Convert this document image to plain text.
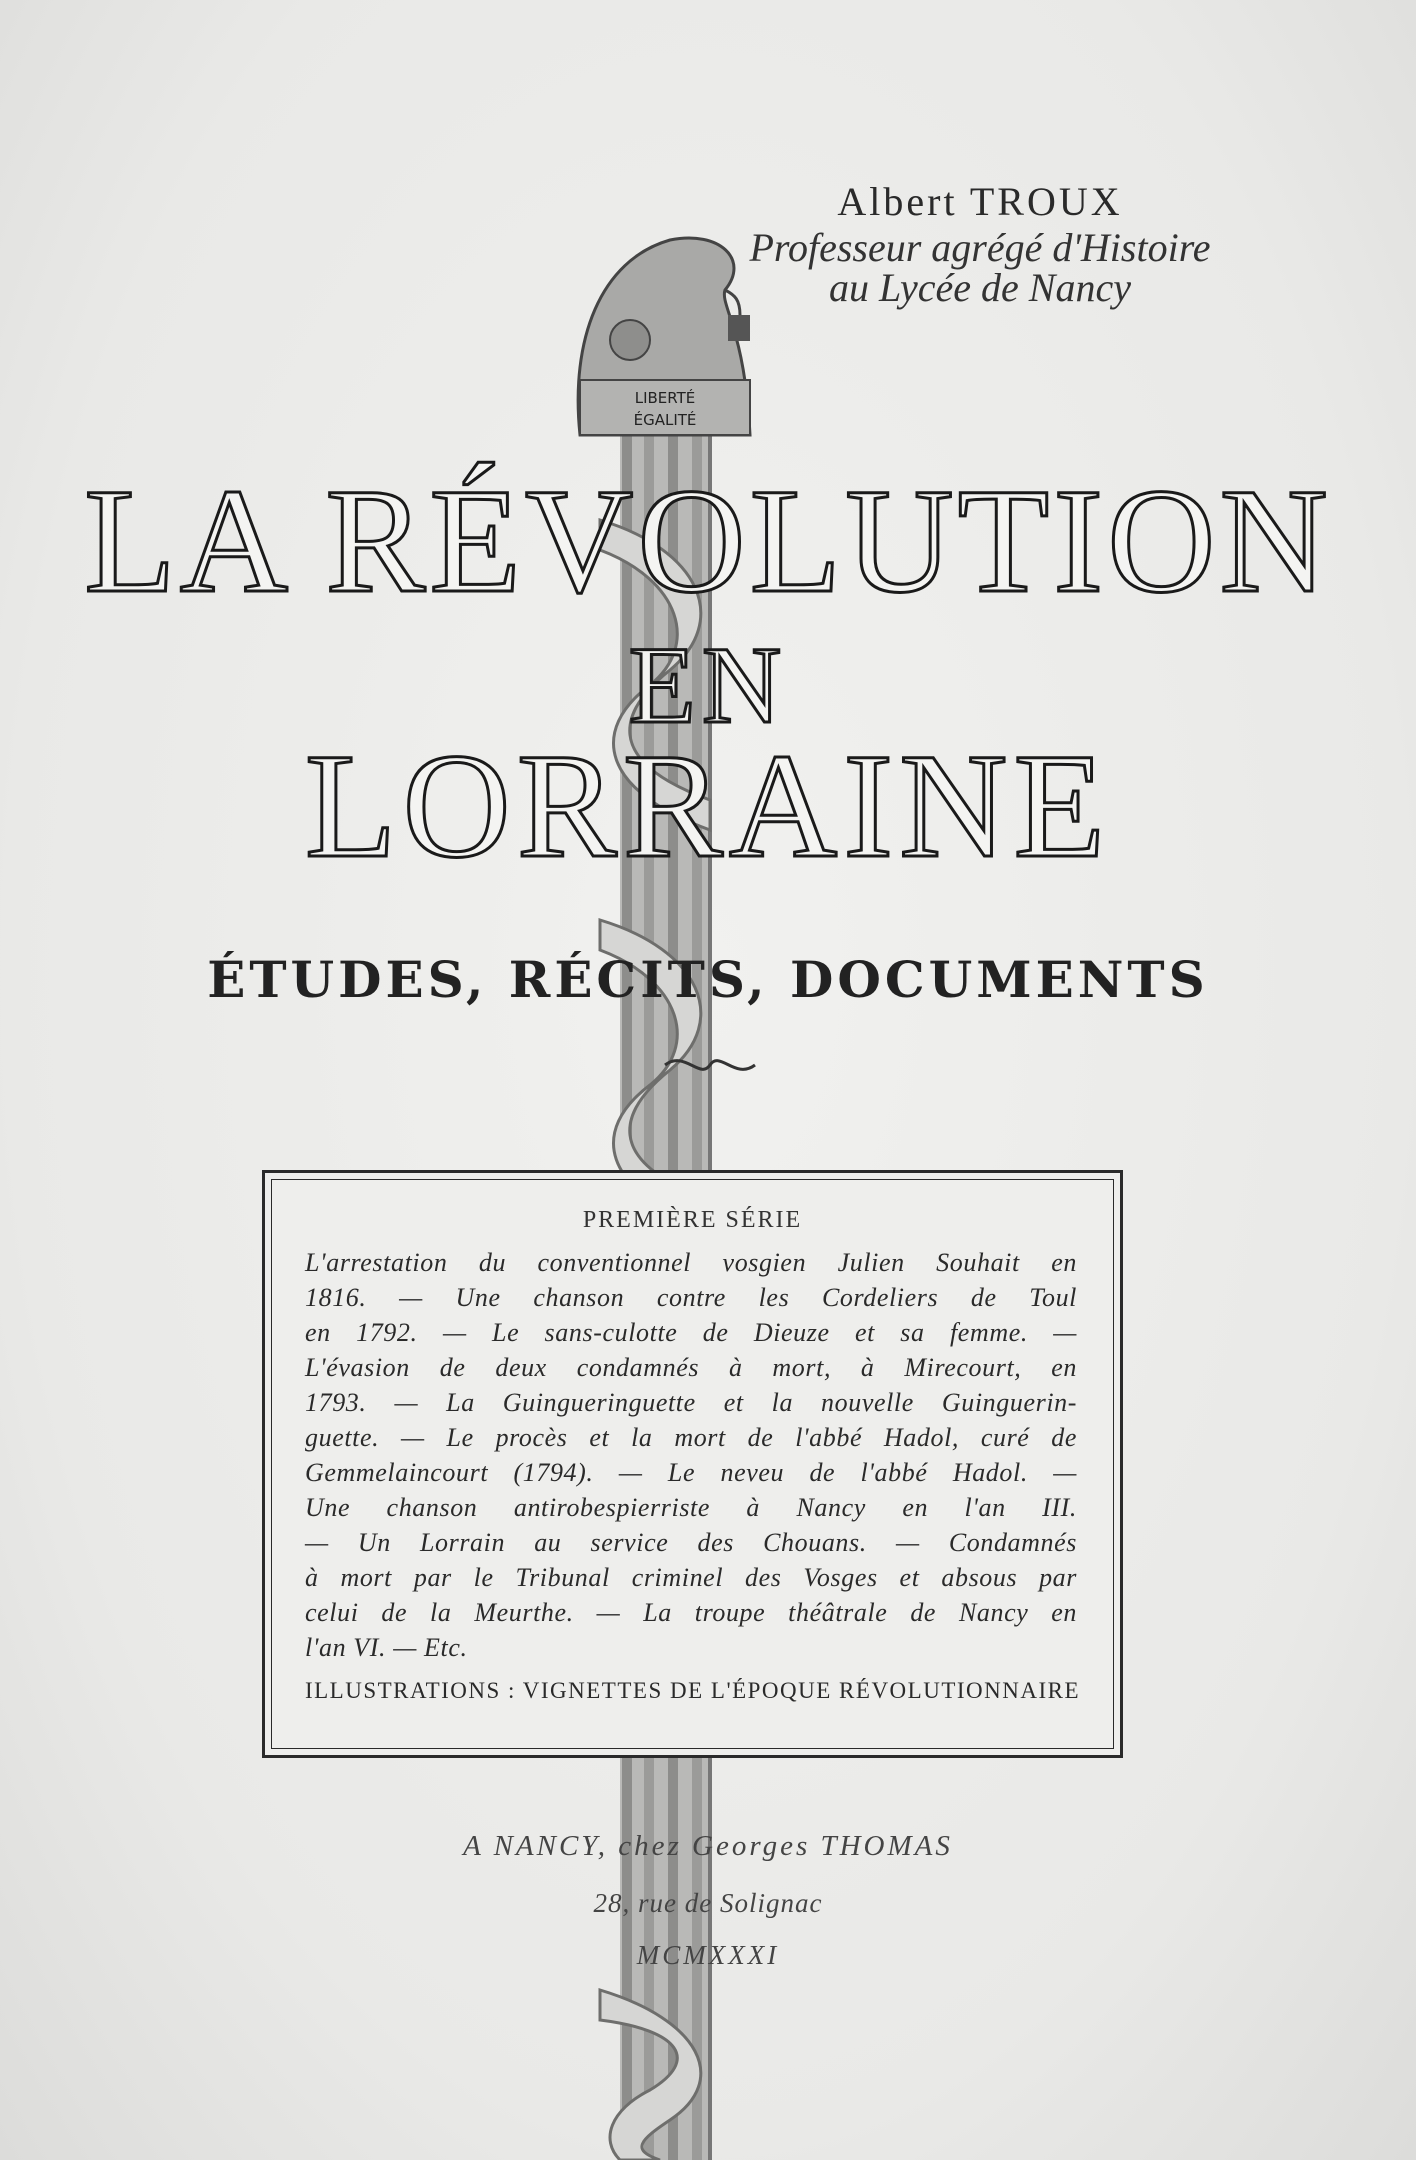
LIBERTÉ
ÉGALITÉ
Albert TROUX
Professeur agrégé d'Histoire
au Lycée de Nancy
LA RÉVOLUTION
EN
LORRAINE
ÉTUDES, RÉCITS, DOCUMENTS
PREMIÈRE SÉRIE
L'arrestation du conventionnel vosgien Julien Souhait en
1816. — Une chanson contre les Cordeliers de Toul
en 1792. — Le sans-culotte de Dieuze et sa femme. —
L'évasion de deux condamnés à mort, à Mirecourt, en
1793. — La Guingueringuette et la nouvelle Guinguerin-
guette. — Le procès et la mort de l'abbé Hadol, curé de
Gemmelaincourt (1794). — Le neveu de l'abbé Hadol. —
Une chanson antirobespierriste à Nancy en l'an III.
— Un Lorrain au service des Chouans. — Condamnés
à mort par le Tribunal criminel des Vosges et absous par
celui de la Meurthe. — La troupe théâtrale de Nancy en
l'an VI. — Etc.
ILLUSTRATIONS : VIGNETTES DE L'ÉPOQUE RÉVOLUTIONNAIRE
A NANCY, chez Georges THOMAS
28, rue de Solignac
MCMXXXI
